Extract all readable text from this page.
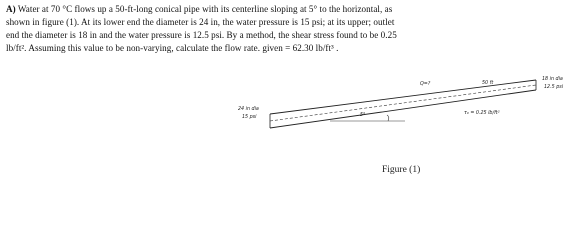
A) Water at 70 °C flows up a 50-ft-long conical pipe with its centerline sloping at 5° to the horizontal, as
shown in figure (1). At its lower end the diameter is 24 in, the water pressure is 15 psi; at its upper; outlet
end the diameter is 18 in and the water pressure is 12.5 psi. By a method, the shear stress found to be 0.25
lb/ft². Assuming this value to be non-varying, calculate the flow rate. given = 62.30 lb/ft³ .
18 in dia
12.5 psi
Q=?	50 ft
5°	τ₀ = 0.25 lb/ft²
24 in dia
15 psi
Figure (1)
